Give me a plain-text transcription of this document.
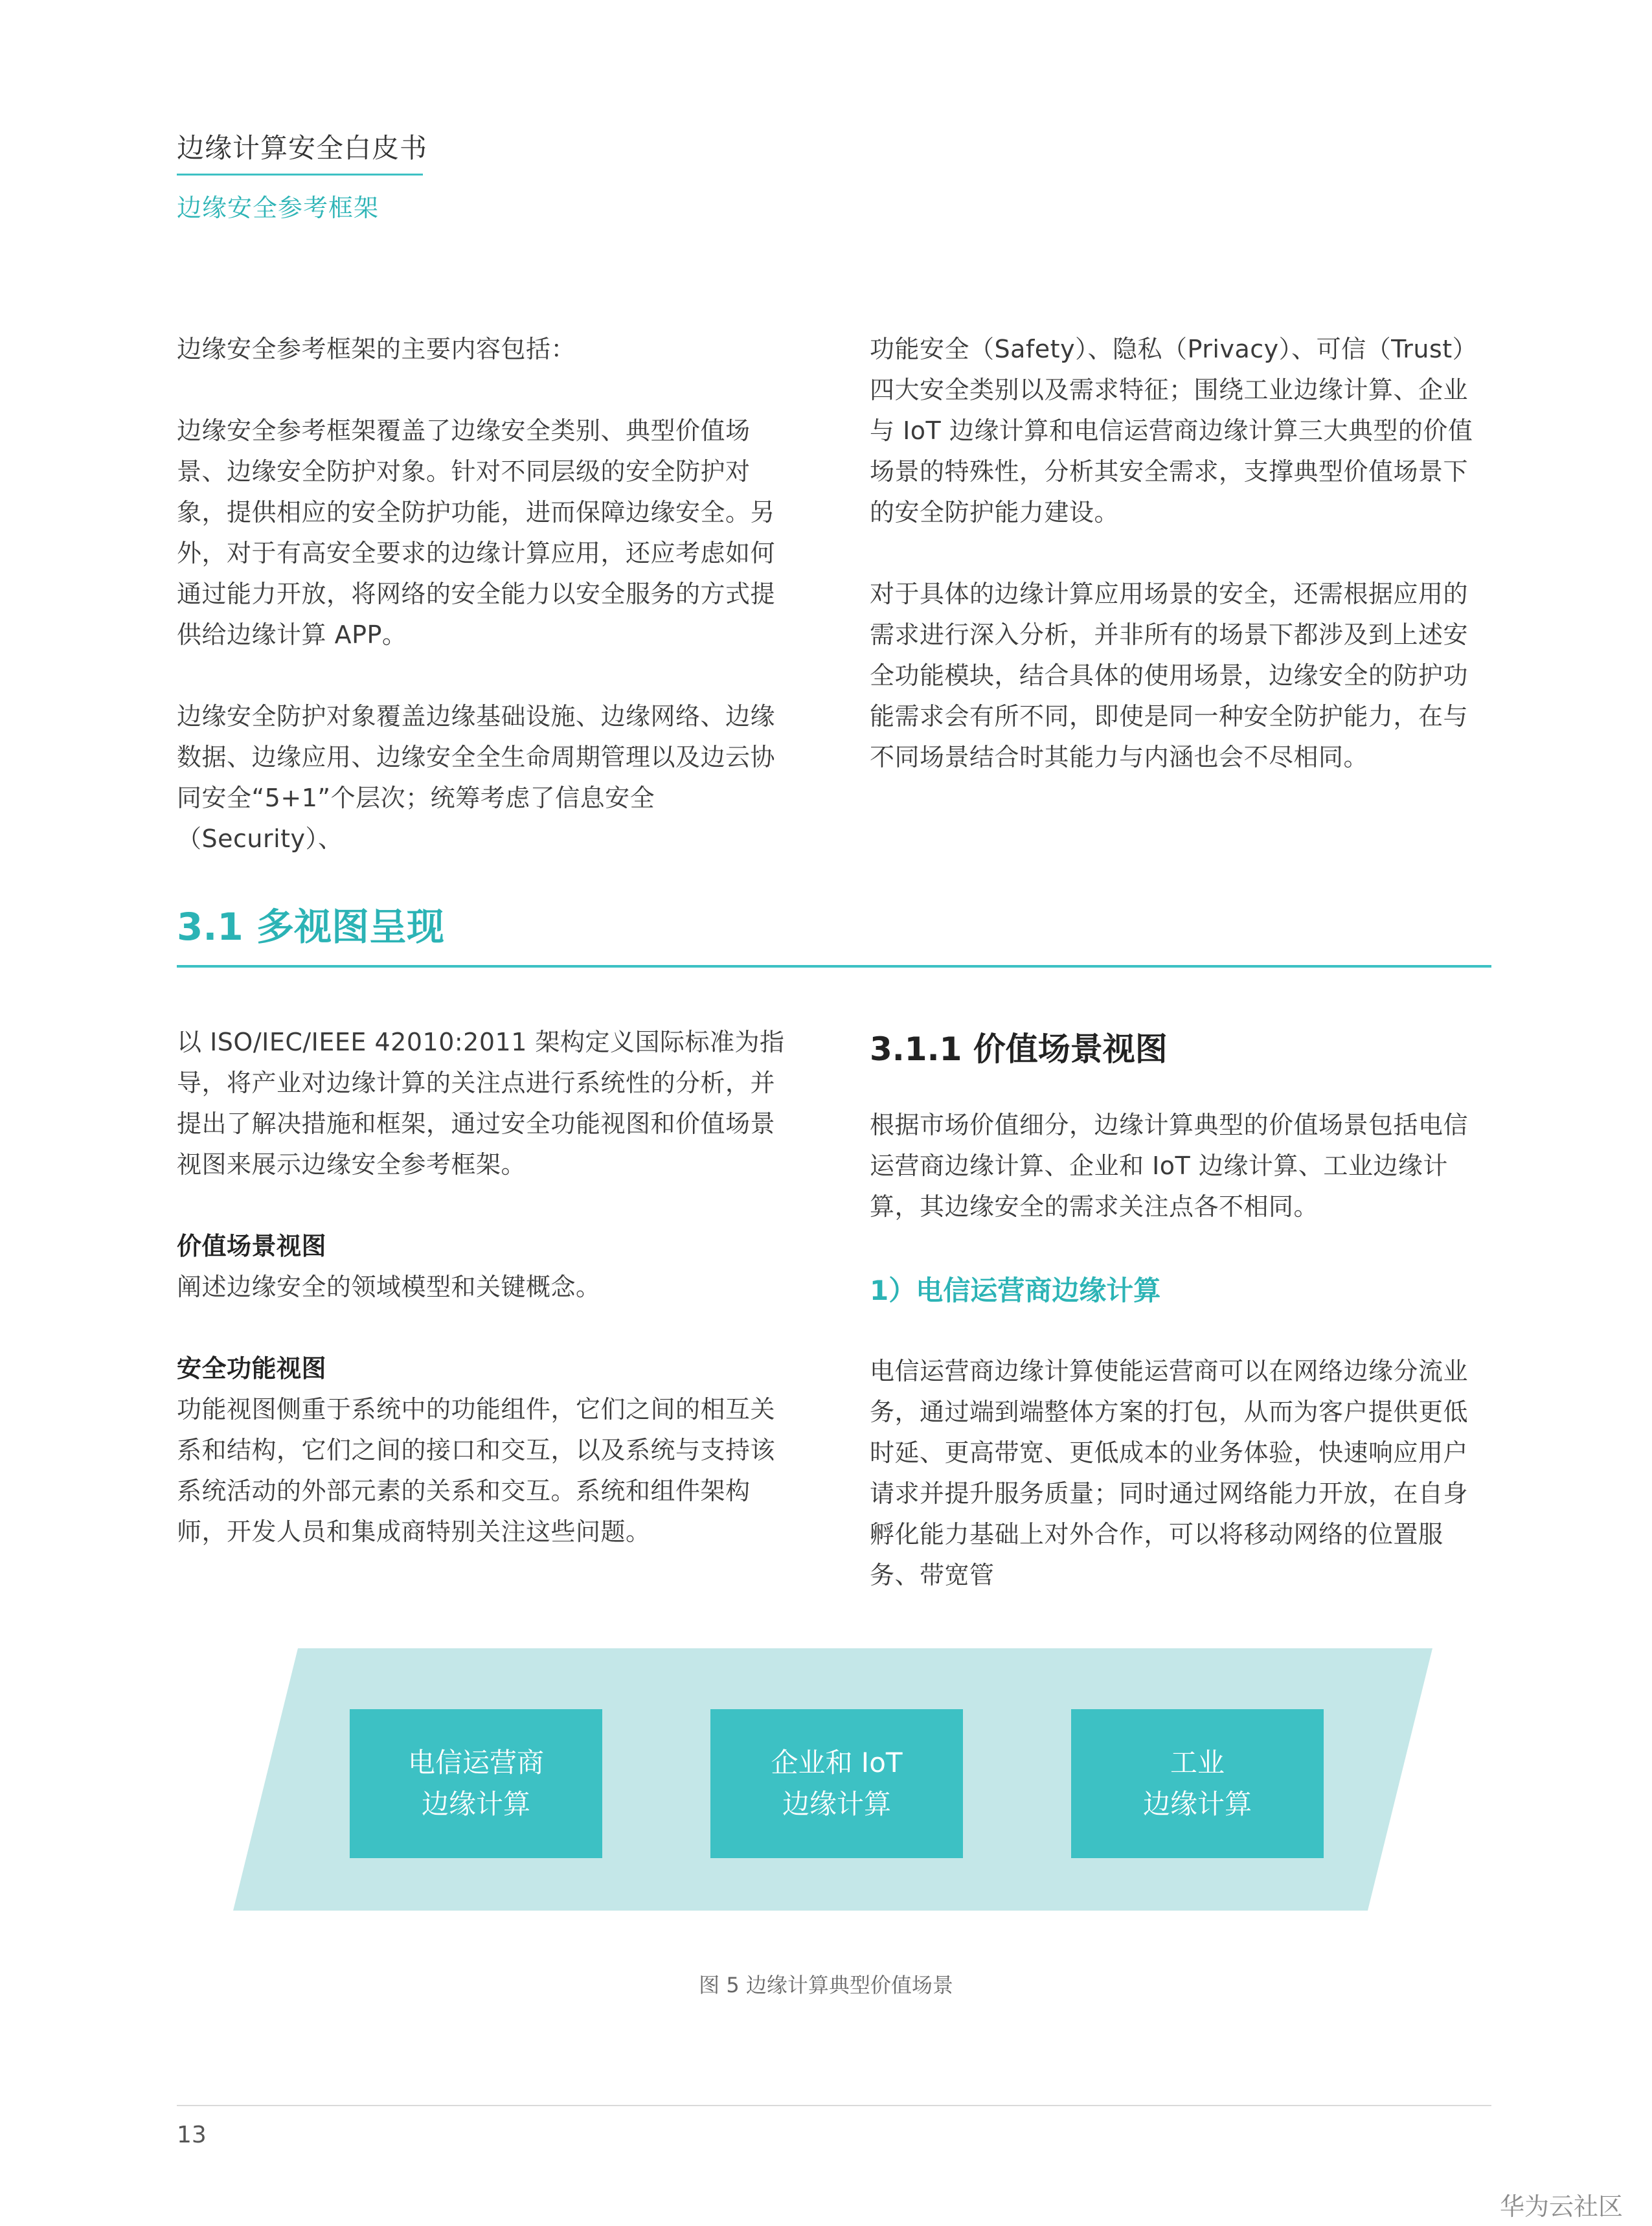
边缘计算安全白皮书
边缘安全参考框架

边缘安全参考框架的主要内容包括：

边缘安全参考框架覆盖了边缘安全类别、典型价值场景、边缘安全防护对象。针对不同层级的安全防护对象，提供相应的安全防护功能，进而保障边缘安全。另外，对于有高安全要求的边缘计算应用，还应考虑如何通过能力开放，将网络的安全能力以安全服务的方式提供给边缘计算 APP。

边缘安全防护对象覆盖边缘基础设施、边缘网络、边缘数据、边缘应用、边缘安全全生命周期管理以及边云协同安全“5+1”个层次；统筹考虑了信息安全（Security）、

功能安全（Safety）、隐私（Privacy）、可信（Trust）四大安全类别以及需求特征；围绕工业边缘计算、企业与 IoT 边缘计算和电信运营商边缘计算三大典型的价值场景的特殊性，分析其安全需求，支撑典型价值场景下的安全防护能力建设。

对于具体的边缘计算应用场景的安全，还需根据应用的需求进行深入分析，并非所有的场景下都涉及到上述安全功能模块，结合具体的使用场景，边缘安全的防护功能需求会有所不同，即使是同一种安全防护能力，在与不同场景结合时其能力与内涵也会不尽相同。

3.1 多视图呈现

以 ISO/IEC/IEEE 42010:2011 架构定义国际标准为指导，将产业对边缘计算的关注点进行系统性的分析，并提出了解决措施和框架，通过安全功能视图和价值场景视图来展示边缘安全参考框架。

价值场景视图

阐述边缘安全的领域模型和关键概念。

安全功能视图

功能视图侧重于系统中的功能组件，它们之间的相互关系和结构，它们之间的接口和交互，以及系统与支持该系统活动的外部元素的关系和交互。系统和组件架构师，开发人员和集成商特别关注这些问题。

3.1.1 价值场景视图
根据市场价值细分，边缘计算典型的价值场景包括电信运营商边缘计算、企业和 IoT 边缘计算、工业边缘计算，其边缘安全的需求关注点各不相同。
1）电信运营商边缘计算
电信运营商边缘计算使能运营商可以在网络边缘分流业务，通过端到端整体方案的打包，从而为客户提供更低时延、更高带宽、更低成本的业务体验，快速响应用户请求并提升服务质量；同时通过网络能力开放，在自身孵化能力基础上对外合作，可以将移动网络的位置服务、带宽管
电信运营商
边缘计算
企业和 IoT
边缘计算
工业
边缘计算
图 5 边缘计算典型价值场景
13
华为云社区
